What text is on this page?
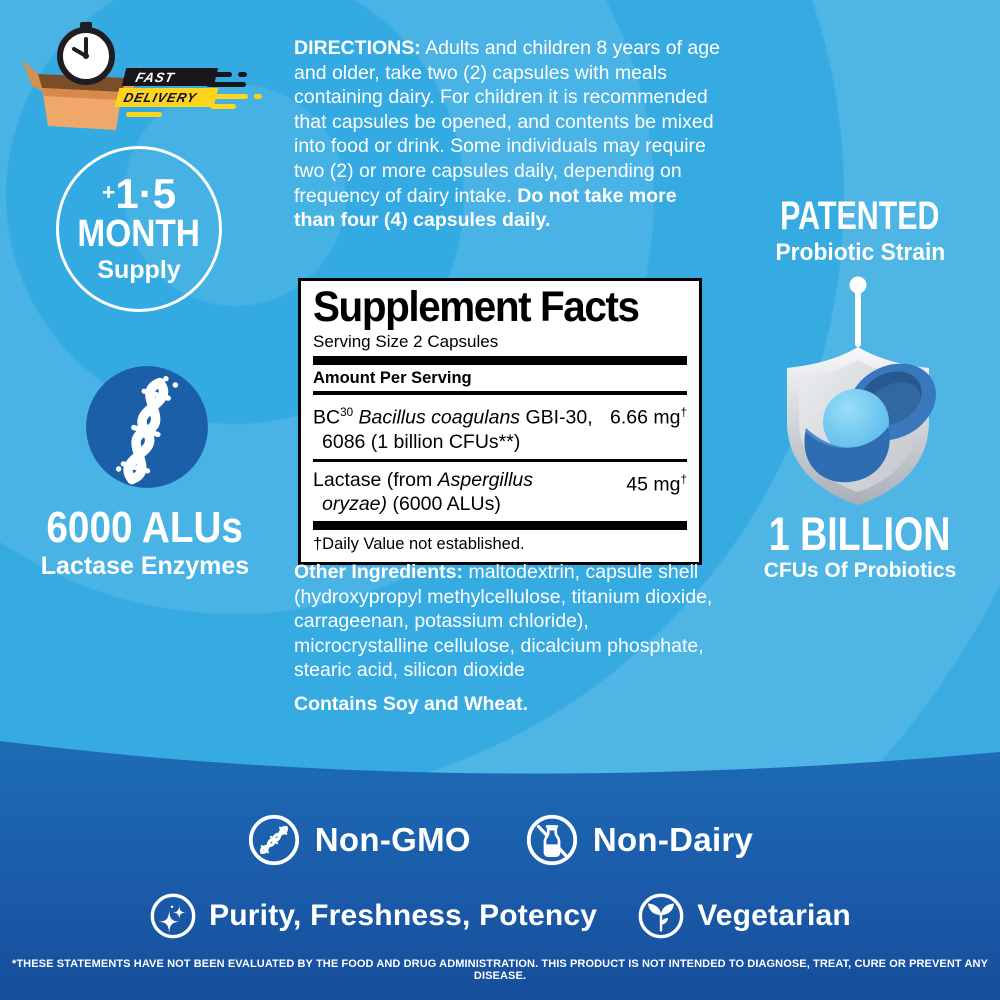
FAST
DELIVERY
+1·5
MONTH
Supply
6000 ALUs
Lactase Enzymes
DIRECTIONS: Adults and children 8 years of age and older, take two (2) capsules with meals containing dairy. For children it is recommended that capsules be opened, and contents be mixed into food or drink. Some individuals may require two (2) or more capsules daily, depending on frequency of dairy intake. Do not take more than four (4) capsules daily.
Supplement Facts
Serving Size 2 Capsules
Amount Per Serving
BC$^{30}$ Bacillus coagulans GBI-30,
6086 (1 billion CFUs**)
6.66 mg†
Lactase (from Aspergillus
oryzae) (6000 ALUs)
45 mg†
†Daily Value not established.
Other Ingredients: maltodextrin, capsule shell (hydroxypropyl methylcellulose, titanium dioxide, carrageenan, potassium chloride), microcrystalline cellulose, dicalcium phosphate, stearic acid, silicon dioxide
Contains Soy and Wheat.
PATENTED
Probiotic Strain
1 BILLION
CFUs Of Probiotics
Non-GMO	Non-Dairy
Purity, Freshness, Potency	Vegetarian
*THESE STATEMENTS HAVE NOT BEEN EVALUATED BY THE FOOD AND DRUG ADMINISTRATION. THIS PRODUCT IS NOT INTENDED TO DIAGNOSE, TREAT, CURE OR PREVENT ANY DISEASE.
